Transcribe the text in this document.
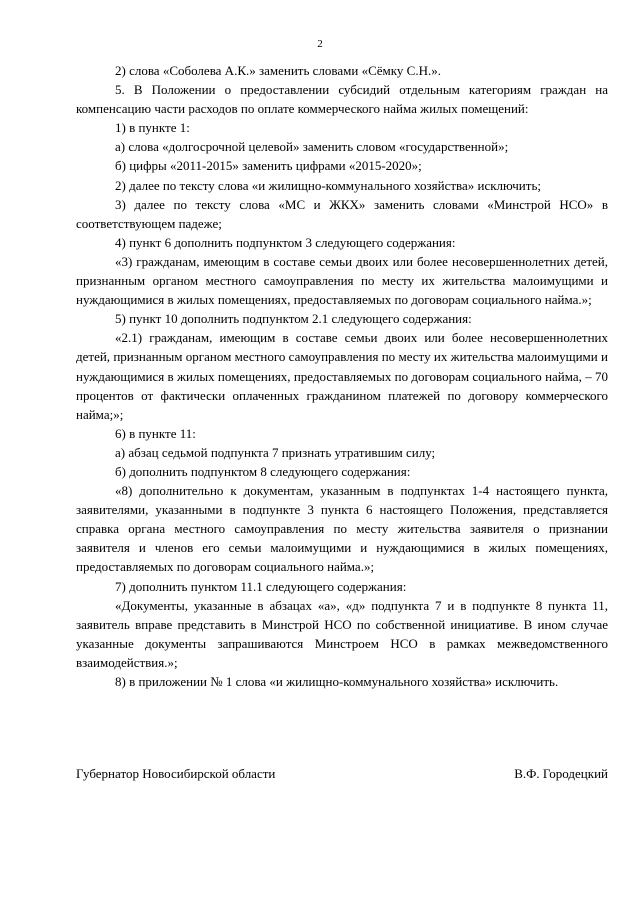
2

2) слова «Соболева А.К.» заменить словами «Сёмку С.Н.».

5. В Положении о предоставлении субсидий отдельным категориям граждан на компенсацию части расходов по оплате коммерческого найма жилых помещений:

1) в пункте 1:

а) слова «долгосрочной целевой» заменить словом «государственной»;

б) цифры «2011-2015» заменить цифрами «2015-2020»;

2) далее по тексту слова «и жилищно-коммунального хозяйства» исключить;

3) далее по тексту слова «МС и ЖКХ» заменить словами «Минстрой НСО» в соответствующем падеже;

4) пункт 6 дополнить подпунктом 3 следующего содержания:

«3) гражданам, имеющим в составе семьи двоих или более несовершеннолетних детей, признанным органом местного самоуправления по месту их жительства малоимущими и нуждающимися в жилых помещениях, предоставляемых по договорам социального найма.»;

5) пункт 10 дополнить подпунктом 2.1 следующего содержания:

«2.1) гражданам, имеющим в составе семьи двоих или более несовершеннолетних детей, признанным органом местного самоуправления по месту их жительства малоимущими и нуждающимися в жилых помещениях, предоставляемых по договорам социального найма, – 70 процентов от фактически оплаченных гражданином платежей по договору коммерческого найма;»;

6) в пункте 11:

а) абзац седьмой подпункта 7 признать утратившим силу;

б) дополнить подпунктом 8 следующего содержания:

«8) дополнительно к документам, указанным в подпунктах 1-4 настоящего пункта, заявителями, указанными в подпункте 3 пункта 6 настоящего Положения, представляется справка органа местного самоуправления по месту жительства заявителя о признании заявителя и членов его семьи малоимущими и нуждающимися в жилых помещениях, предоставляемых по договорам социального найма.»;

7) дополнить пунктом 11.1 следующего содержания:

«Документы, указанные в абзацах «а», «д» подпункта 7 и в подпункте 8 пункта 11, заявитель вправе представить в Минстрой НСО по собственной инициативе. В ином случае указанные документы запрашиваются Минстроем НСО в рамках межведомственного взаимодействия.»;

8) в приложении № 1 слова «и жилищно-коммунального хозяйства» исключить.

Губернатор Новосибирской области	В.Ф. Городецкий
